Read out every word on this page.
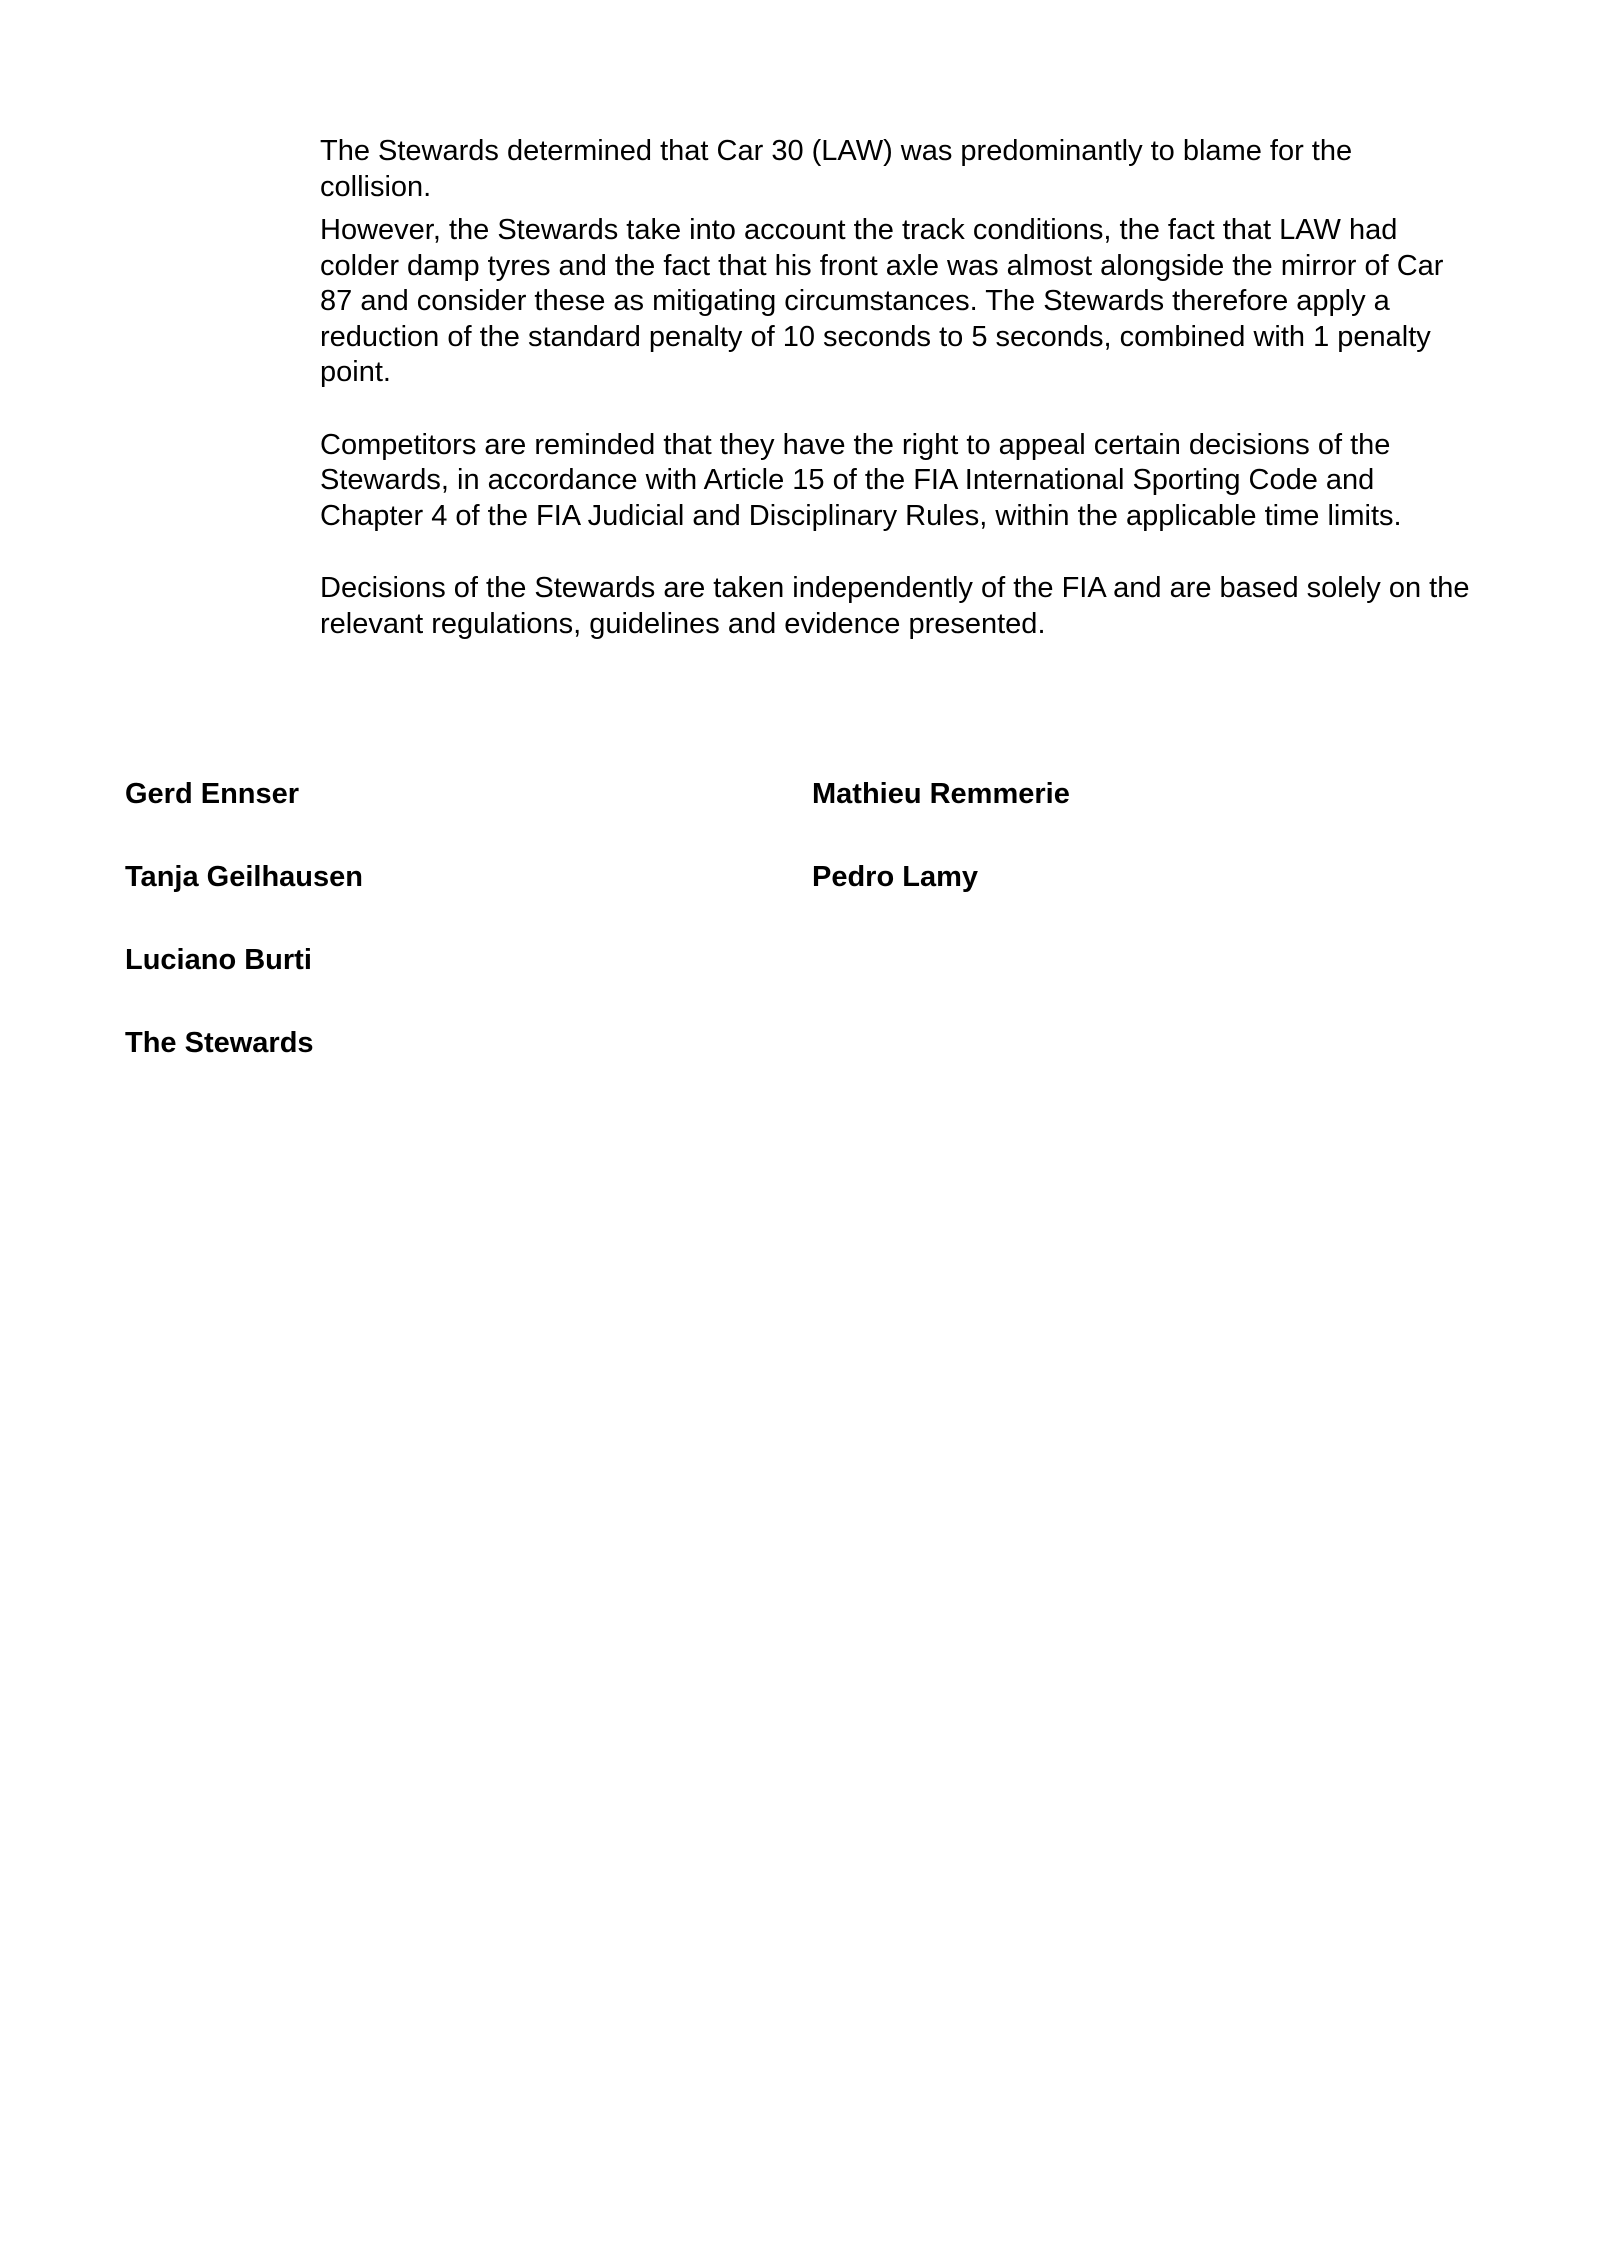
The Stewards determined that Car 30 (LAW) was predominantly to blame for the collision.

However, the Stewards take into account the track conditions, the fact that LAW had colder damp tyres and the fact that his front axle was almost alongside the mirror of Car 87 and consider these as mitigating circumstances. The Stewards therefore apply a reduction of the standard penalty of 10 seconds to 5 seconds, combined with 1 penalty point.

Competitors are reminded that they have the right to appeal certain decisions of the Stewards, in accordance with Article 15 of the FIA International Sporting Code and Chapter 4 of the FIA Judicial and Disciplinary Rules, within the applicable time limits.

Decisions of the Stewards are taken independently of the FIA and are based solely on the relevant regulations, guidelines and evidence presented.

Gerd Ennser	Mathieu Remmerie
Tanja Geilhausen	Pedro Lamy
Luciano Burti
The Stewards
